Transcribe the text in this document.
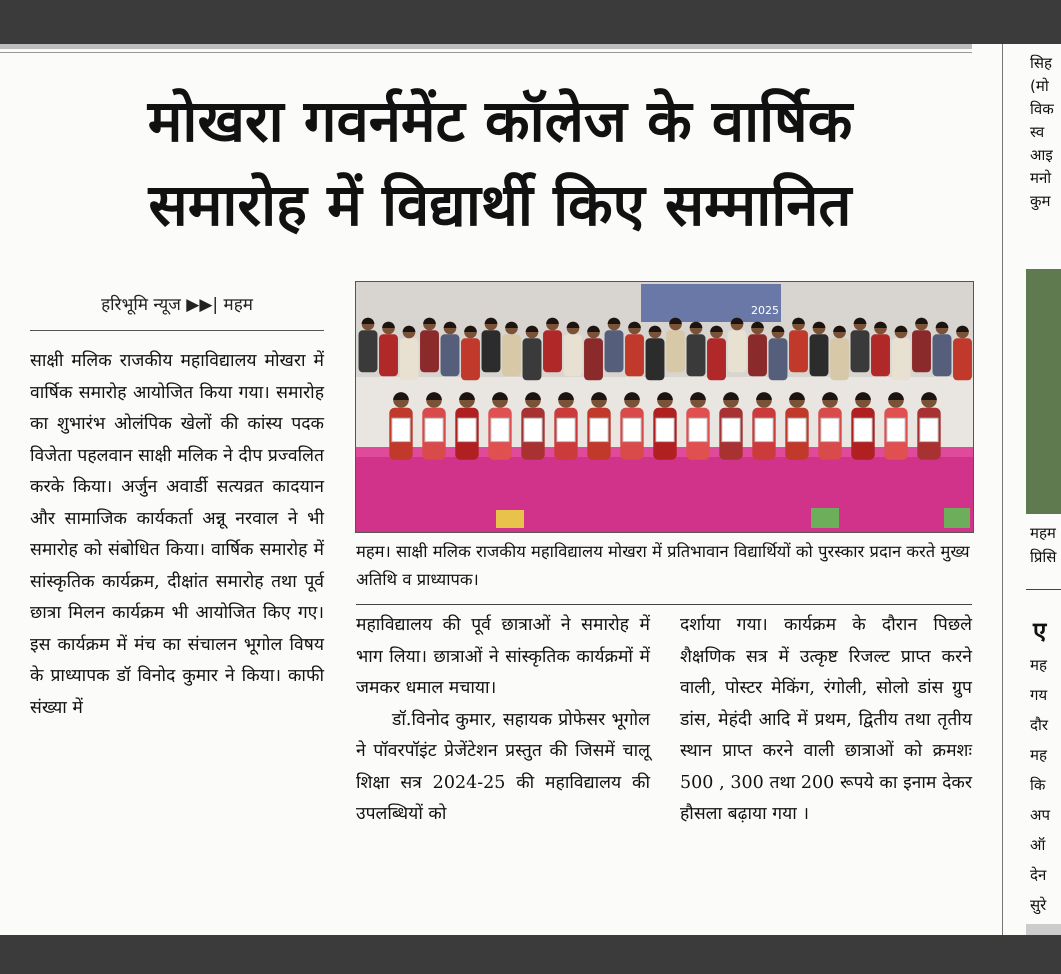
मोखरा गवर्नमेंट कॉलेज के वार्षिक
समारोह में विद्यार्थी किए सम्मानित
हरिभूमि न्यूज ▶▶| महम
साक्षी मलिक राजकीय महाविद्यालय मोखरा में वार्षिक समारोह आयोजित किया गया। समारोह का शुभारंभ ओलंपिक खेलों की कांस्य पदक विजेता पहलवान साक्षी मलिक ने दीप प्रज्वलित करके किया। अर्जुन अवार्डी सत्यव्रत कादयान और सामाजिक कार्यकर्ता अन्नू नरवाल ने भी समारोह को संबोधित किया। वार्षिक समारोह में सांस्कृतिक कार्यक्रम, दीक्षांत समारोह तथा पूर्व छात्रा मिलन कार्यक्रम भी आयोजित किए गए। इस कार्यक्रम में मंच का संचालन भूगोल विषय के प्राध्यापक डॉ विनोद कुमार ने किया। काफी संख्या में
2025
महम। साक्षी मलिक राजकीय महाविद्यालय मोखरा में प्रतिभावान विद्यार्थियों को पुरस्कार प्रदान करते मुख्य अतिथि व प्राध्यापक।
महाविद्यालय की पूर्व छात्राओं ने समारोह में भाग लिया। छात्राओं ने सांस्कृतिक कार्यक्रमों में जमकर धमाल मचाया।
डॉ.विनोद कुमार, सहायक प्रोफेसर भूगोल ने पॉवरपॉइंट प्रेजेंटेशन प्रस्तुत की जिसमें चालू शिक्षा सत्र 2024-25 की महाविद्यालय की उपलब्धियों को
दर्शाया गया। कार्यक्रम के दौरान पिछले शैक्षणिक सत्र में उत्कृष्ट रिजल्ट प्राप्त करने वाली, पोस्टर मेकिंग, रंगोली, सोलो डांस ग्रुप डांस, मेहंदी आदि में प्रथम, द्वितीय तथा तृतीय स्थान प्राप्त करने वाली छात्राओं को क्रमशः 500 , 300 तथा 200 रूपये का इनाम देकर हौसला बढ़ाया गया ।
सिह
(मो
विक
स्व
आइ
मनो
कुम
महम
प्रिसि
ए
मह
गय
दौर
मह
कि
अप
ऑ
देन
सुरे
